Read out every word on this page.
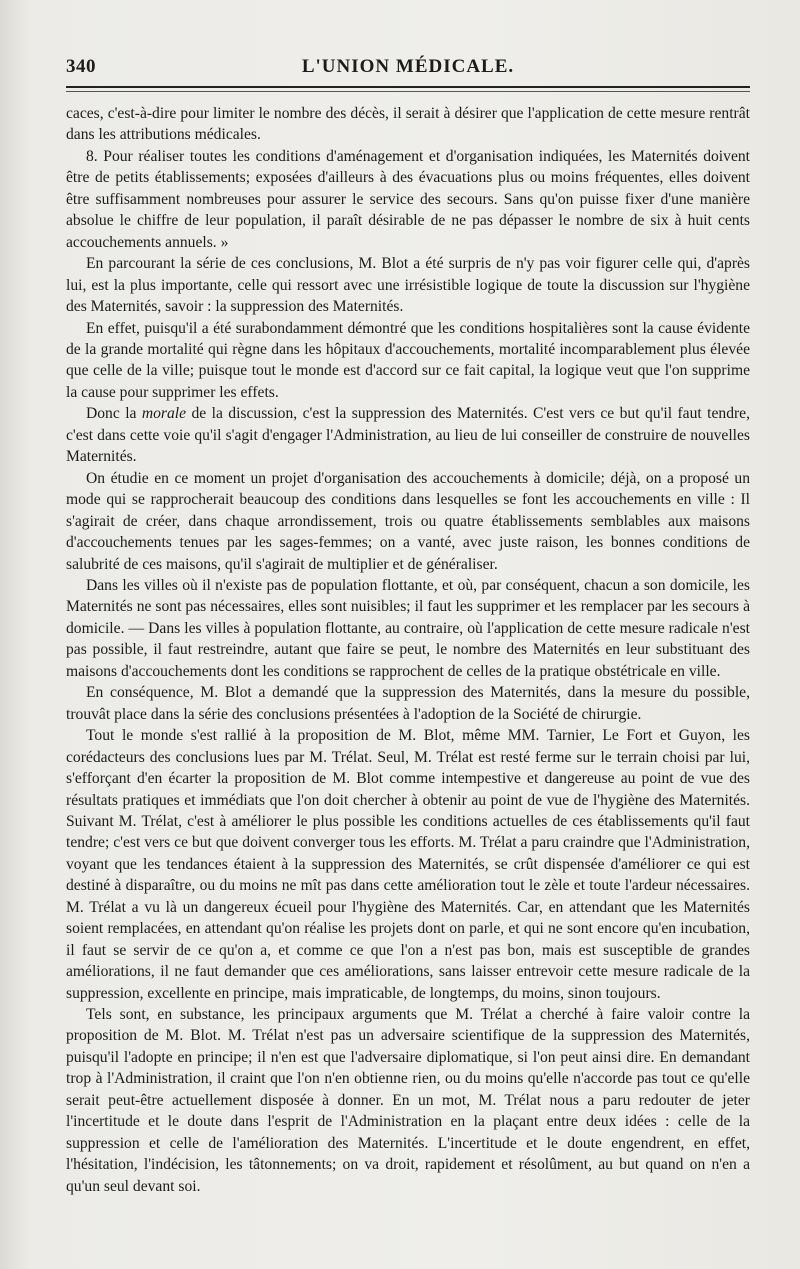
340	L'UNION MÉDICALE.

caces, c'est-à-dire pour limiter le nombre des décès, il serait à désirer que l'application de cette mesure rentrât dans les attributions médicales.

8. Pour réaliser toutes les conditions d'aménagement et d'organisation indiquées, les Maternités doivent être de petits établissements; exposées d'ailleurs à des évacuations plus ou moins fréquentes, elles doivent être suffisamment nombreuses pour assurer le service des secours. Sans qu'on puisse fixer d'une manière absolue le chiffre de leur population, il paraît désirable de ne pas dépasser le nombre de six à huit cents accouchements annuels. »

En parcourant la série de ces conclusions, M. Blot a été surpris de n'y pas voir figurer celle qui, d'après lui, est la plus importante, celle qui ressort avec une irrésistible logique de toute la discussion sur l'hygiène des Maternités, savoir : la suppression des Maternités.

En effet, puisqu'il a été surabondamment démontré que les conditions hospitalières sont la cause évidente de la grande mortalité qui règne dans les hôpitaux d'accouchements, mortalité incomparablement plus élevée que celle de la ville; puisque tout le monde est d'accord sur ce fait capital, la logique veut que l'on supprime la cause pour supprimer les effets.

Donc la morale de la discussion, c'est la suppression des Maternités. C'est vers ce but qu'il faut tendre, c'est dans cette voie qu'il s'agit d'engager l'Administration, au lieu de lui conseiller de construire de nouvelles Maternités.

On étudie en ce moment un projet d'organisation des accouchements à domicile; déjà, on a proposé un mode qui se rapprocherait beaucoup des conditions dans lesquelles se font les accouchements en ville : Il s'agirait de créer, dans chaque arrondissement, trois ou quatre établissements semblables aux maisons d'accouchements tenues par les sages-femmes; on a vanté, avec juste raison, les bonnes conditions de salubrité de ces maisons, qu'il s'agirait de multiplier et de généraliser.

Dans les villes où il n'existe pas de population flottante, et où, par conséquent, chacun a son domicile, les Maternités ne sont pas nécessaires, elles sont nuisibles; il faut les supprimer et les remplacer par les secours à domicile. — Dans les villes à population flottante, au contraire, où l'application de cette mesure radicale n'est pas possible, il faut restreindre, autant que faire se peut, le nombre des Maternités en leur substituant des maisons d'accouchements dont les conditions se rapprochent de celles de la pratique obstétricale en ville.

En conséquence, M. Blot a demandé que la suppression des Maternités, dans la mesure du possible, trouvât place dans la série des conclusions présentées à l'adoption de la Société de chirurgie.

Tout le monde s'est rallié à la proposition de M. Blot, même MM. Tarnier, Le Fort et Guyon, les corédacteurs des conclusions lues par M. Trélat. Seul, M. Trélat est resté ferme sur le terrain choisi par lui, s'efforçant d'en écarter la proposition de M. Blot comme intempestive et dangereuse au point de vue des résultats pratiques et immédiats que l'on doit chercher à obtenir au point de vue de l'hygiène des Maternités. Suivant M. Trélat, c'est à améliorer le plus possible les conditions actuelles de ces établissements qu'il faut tendre; c'est vers ce but que doivent converger tous les efforts. M. Trélat a paru craindre que l'Administration, voyant que les tendances étaient à la suppression des Maternités, se crût dispensée d'améliorer ce qui est destiné à disparaître, ou du moins ne mît pas dans cette amélioration tout le zèle et toute l'ardeur nécessaires. M. Trélat a vu là un dangereux écueil pour l'hygiène des Maternités. Car, en attendant que les Maternités soient remplacées, en attendant qu'on réalise les projets dont on parle, et qui ne sont encore qu'en incubation, il faut se servir de ce qu'on a, et comme ce que l'on a n'est pas bon, mais est susceptible de grandes améliorations, il ne faut demander que ces améliorations, sans laisser entrevoir cette mesure radicale de la suppression, excellente en principe, mais impraticable, de longtemps, du moins, sinon toujours.

Tels sont, en substance, les principaux arguments que M. Trélat a cherché à faire valoir contre la proposition de M. Blot. M. Trélat n'est pas un adversaire scientifique de la suppression des Maternités, puisqu'il l'adopte en principe; il n'en est que l'adversaire diplomatique, si l'on peut ainsi dire. En demandant trop à l'Administration, il craint que l'on n'en obtienne rien, ou du moins qu'elle n'accorde pas tout ce qu'elle serait peut-être actuellement disposée à donner. En un mot, M. Trélat nous a paru redouter de jeter l'incertitude et le doute dans l'esprit de l'Administration en la plaçant entre deux idées : celle de la suppression et celle de l'amélioration des Maternités. L'incertitude et le doute engendrent, en effet, l'hésitation, l'indécision, les tâtonnements; on va droit, rapidement et résolûment, au but quand on n'en a qu'un seul devant soi.
